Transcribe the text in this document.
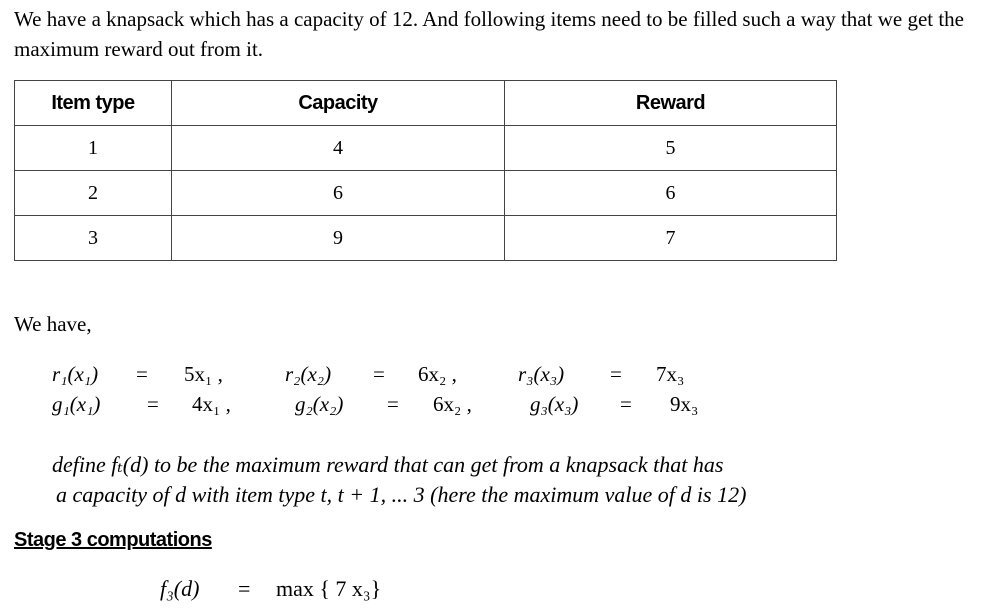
We have a knapsack which has a capacity of 12. And following items need to be filled such a way that we get the maximum reward out from it.
Item type	Capacity	Reward
1	4	5
2	6	6
3	9	7
We have,
r₁(x₁) = 5x₁ ,	r₂(x₂) = 6x₂ ,	r₃(x₃) = 7x₃
g₁(x₁) = 4x₁ ,	g₂(x₂) = 6x₂ ,	g₃(x₃) = 9x₃
define fₜ(d) to be the maximum reward that can get from a knapsack that has
a capacity of d with item type t, t + 1, ... 3 (here the maximum value of d is 12)
Stage 3 computations
f₃(d) = max { 7 x₃}
